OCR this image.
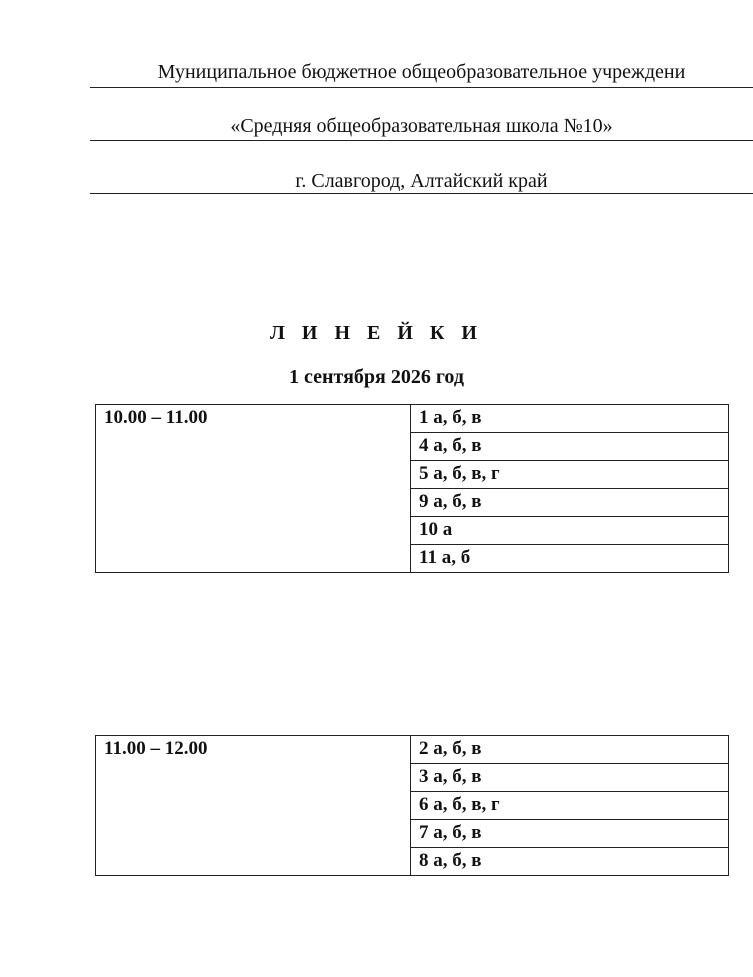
Муниципальное бюджетное общеобразовательное учреждени
«Средняя общеобразовательная школа №10»
г. Славгород, Алтайский край
Л И Н Е Й К И
1 сентября 2026 год
10.00 – 11.00	1 а, б, в
4 а, б, в
5 а, б, в, г
9 а, б, в
10 а
11 а, б
11.00 – 12.00	2 а, б, в
3 а, б, в
6 а, б, в, г
7 а, б, в
8 а, б, в
